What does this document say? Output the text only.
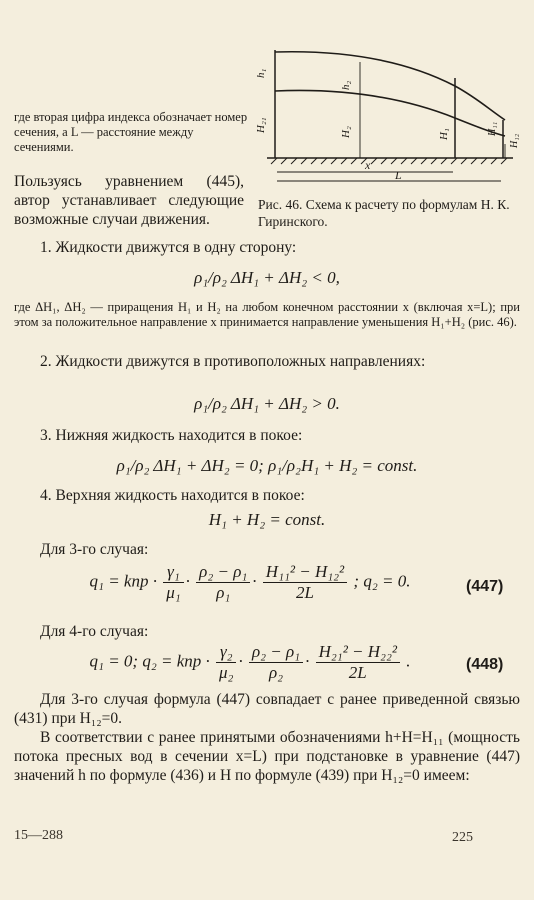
где вторая цифра индекса обозначает номер сечения, а L — расстояние между сечениями.
Пользуясь уравнением (445), автор устанавливает следующие возможные случаи движения.
h₁
H₂₁
h₂
H₂	H₁	H₁₁
H₁₂
x
L
Рис. 46. Схема к расчету по формулам Н. К. Гиринского.
1. Жидкости движутся в одну сторону:
ρ₁/ρ₂ ΔH₁ + ΔH₂ < 0,
где ΔH₁, ΔH₂ — приращения H₁ и H₂ на любом конечном расстоянии x (включая x=L); при этом за положительное направление x принимается направление уменьшения H₁+H₂ (рис. 46).
2. Жидкости движутся в противоположных направлениях:
ρ₁/ρ₂ ΔH₁ + ΔH₂ > 0.
3. Нижняя жидкость находится в покое:
ρ₁/ρ₂ ΔH₁ + ΔH₂ = 0; ρ₁/ρ₂H₁ + H₂ = const.
4. Верхняя жидкость находится в покое:
H₁ + H₂ = const.
Для 3-го случая:
q₁ = kпр · $\frac{\text{γ₁}}{\text{μ₁}} \cdot \frac{\text{ρ₂ − ρ₁}}{\text{ρ₁}} \cdot \frac{\text{H₁₁² − H₁₂²}}{2L}$ ; q₂ = 0.	(447)
Для 4-го случая:
q₁ = 0; q₂ = kпр · $\frac{\text{γ₂}}{\text{μ₂}} \cdot \frac{\text{ρ₂ − ρ₁}}{\text{ρ₂}} \cdot \frac{\text{H₂₁² − H₂₂²}}{2L}$ .	(448)
Для 3-го случая формула (447) совпадает с ранее приведенной связью (431) при H₁₂=0.
В соответствии с ранее принятыми обозначениями h+H=H₁₁ (мощность потока пресных вод в сечении x=L) при подстановке в уравнение (447) значений h по формуле (436) и H по формуле (439) при H₁₂=0 имеем:
15—288	225
